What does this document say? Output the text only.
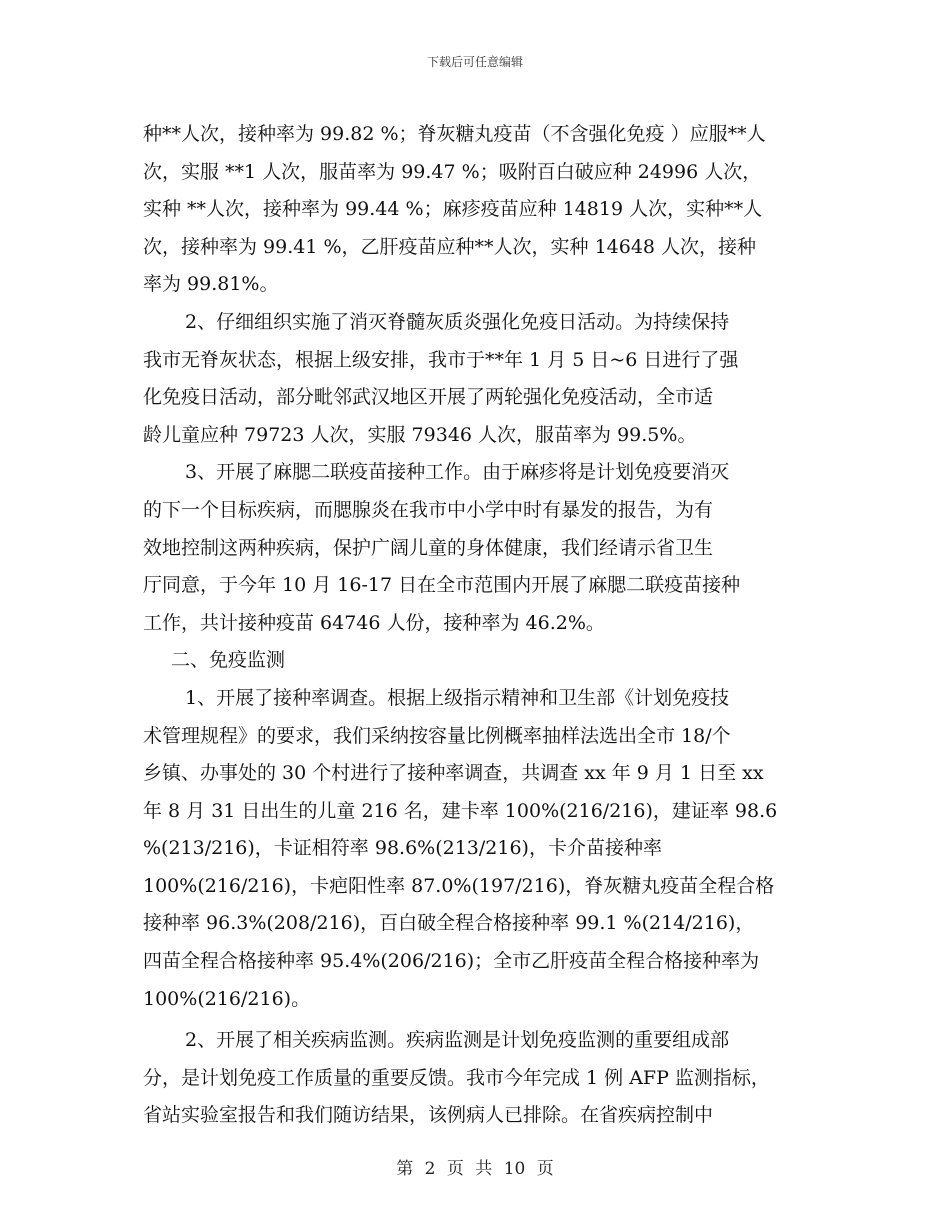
下载后可任意编辑
种**人次，接种率为 99.82 %；脊灰糖丸疫苗（不含强化免疫 ）应服**人
次，实服 **1 人次，服苗率为 99.47 %；吸附百白破应种 24996 人次，
实种 **人次，接种率为 99.44 %；麻疹疫苗应种 14819 人次，实种**人
次，接种率为 99.41 %，乙肝疫苗应种**人次，实种 14648 人次，接种
率为 99.81%。
2、仔细组织实施了消灭脊髓灰质炎强化免疫日活动。为持续保持
我市无脊灰状态，根据上级安排，我市于**年 1 月 5 日~6 日进行了强
化免疫日活动，部分毗邻武汉地区开展了两轮强化免疫活动，全市适
龄儿童应种 79723 人次，实服 79346 人次，服苗率为 99.5%。
3、开展了麻腮二联疫苗接种工作。由于麻疹将是计划免疫要消灭
的下一个目标疾病，而腮腺炎在我市中小学中时有暴发的报告，为有
效地控制这两种疾病，保护广阔儿童的身体健康，我们经请示省卫生
厅同意，于今年 10 月 16-17 日在全市范围内开展了麻腮二联疫苗接种
工作，共计接种疫苗 64746 人份，接种率为 46.2%。
二、免疫监测
1、开展了接种率调查。根据上级指示精神和卫生部《计划免疫技
术管理规程》的要求，我们采纳按容量比例概率抽样法选出全市 18/个
乡镇、办事处的 30 个村进行了接种率调查，共调查 xx 年 9 月 1 日至 xx
年 8 月 31 日出生的儿童 216 名，建卡率 100%(216/216)，建证率 98.6
%(213/216)，卡证相符率 98.6%(213/216)，卡介苗接种率
100%(216/216)，卡疤阳性率 87.0%(197/216)，脊灰糖丸疫苗全程合格
接种率 96.3%(208/216)，百白破全程合格接种率 99.1 %(214/216)，
四苗全程合格接种率 95.4%(206/216)；全市乙肝疫苗全程合格接种率为
100%(216/216)。
2、开展了相关疾病监测。疾病监测是计划免疫监测的重要组成部
分，是计划免疫工作质量的重要反馈。我市今年完成 1 例 AFP 监测指标，
省站实验室报告和我们随访结果，该例病人已排除。在省疾病控制中
第 2 页 共 10 页
